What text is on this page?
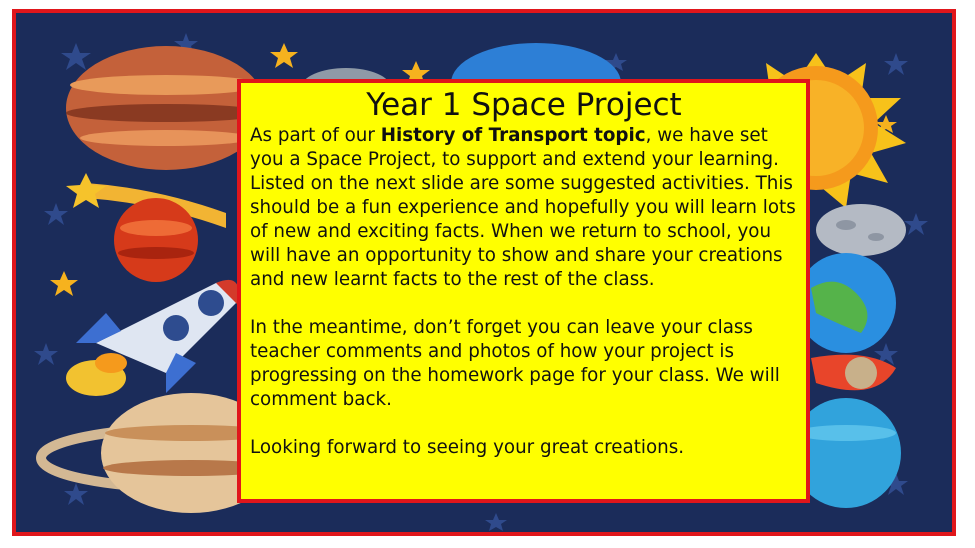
Year 1 Space Project

As part of our History of Transport topic, we have set you a Space Project, to support and extend your learning. Listed on the next slide are some suggested activities. This should be a fun experience and hopefully you will learn lots of new and exciting facts. When we return to school, you will have an opportunity to show and share your creations and new learnt facts to the rest of the class.

In the meantime, don’t forget you can leave your class teacher comments and photos of how your project is progressing on the homework page for your class. We will comment back.

Looking forward to seeing your great creations.
